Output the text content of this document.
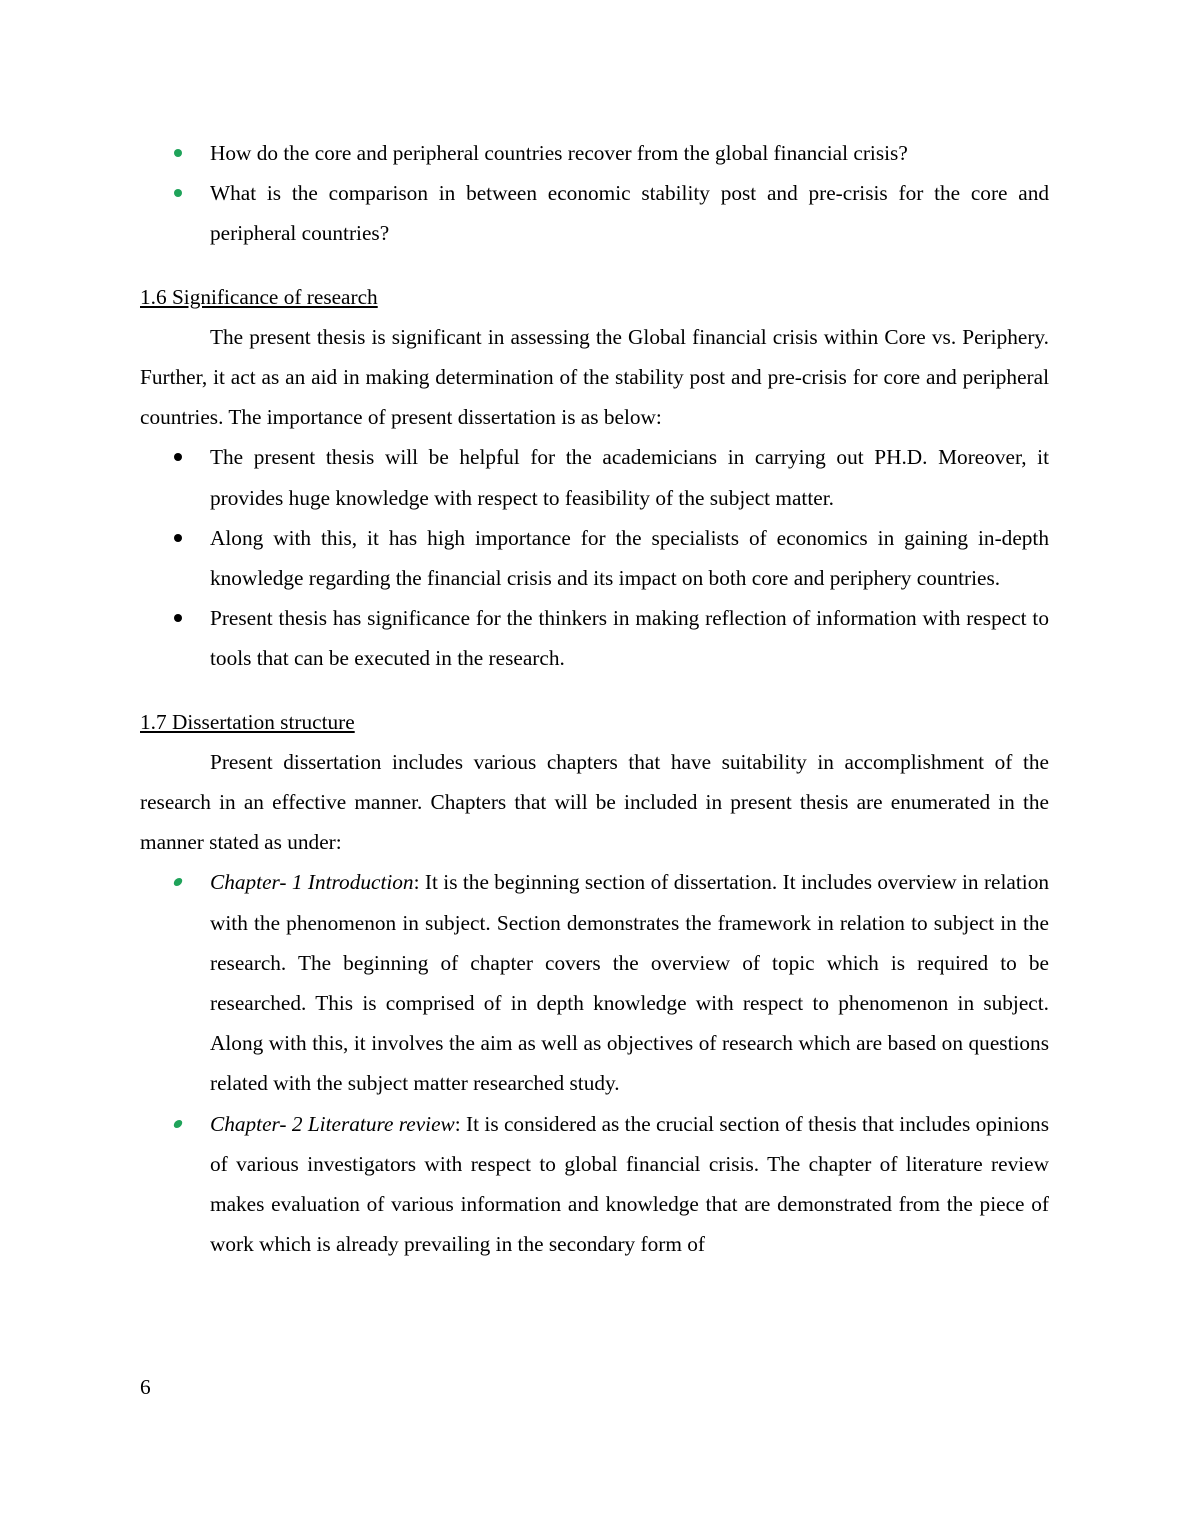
How do the core and peripheral countries recover from the global financial crisis?
What is the comparison in between economic stability post and pre-crisis for the core and peripheral countries?

1.6 Significance of research

The present thesis is significant in assessing the Global financial crisis within Core vs. Periphery. Further, it act as an aid in making determination of the stability post and pre-crisis for core and peripheral countries. The importance of present dissertation is as below:

The present thesis will be helpful for the academicians in carrying out PH.D. Moreover, it provides huge knowledge with respect to feasibility of the subject matter.
Along with this, it has high importance for the specialists of economics in gaining in-depth knowledge regarding the financial crisis and its impact on both core and periphery countries.
Present thesis has significance for the thinkers in making reflection of information with respect to tools that can be executed in the research.

1.7 Dissertation structure

Present dissertation includes various chapters that have suitability in accomplishment of the research in an effective manner. Chapters that will be included in present thesis are enumerated in the manner stated as under:

Chapter- 1 Introduction: It is the beginning section of dissertation. It includes overview in relation with the phenomenon in subject. Section demonstrates the framework in relation to subject in the research. The beginning of chapter covers the overview of topic which is required to be researched. This is comprised of in depth knowledge with respect to phenomenon in subject. Along with this, it involves the aim as well as objectives of research which are based on questions related with the subject matter researched study.
Chapter- 2 Literature review: It is considered as the crucial section of thesis that includes opinions of various investigators with respect to global financial crisis. The chapter of literature review makes evaluation of various information and knowledge that are demonstrated from the piece of work which is already prevailing in the secondary form of
6
